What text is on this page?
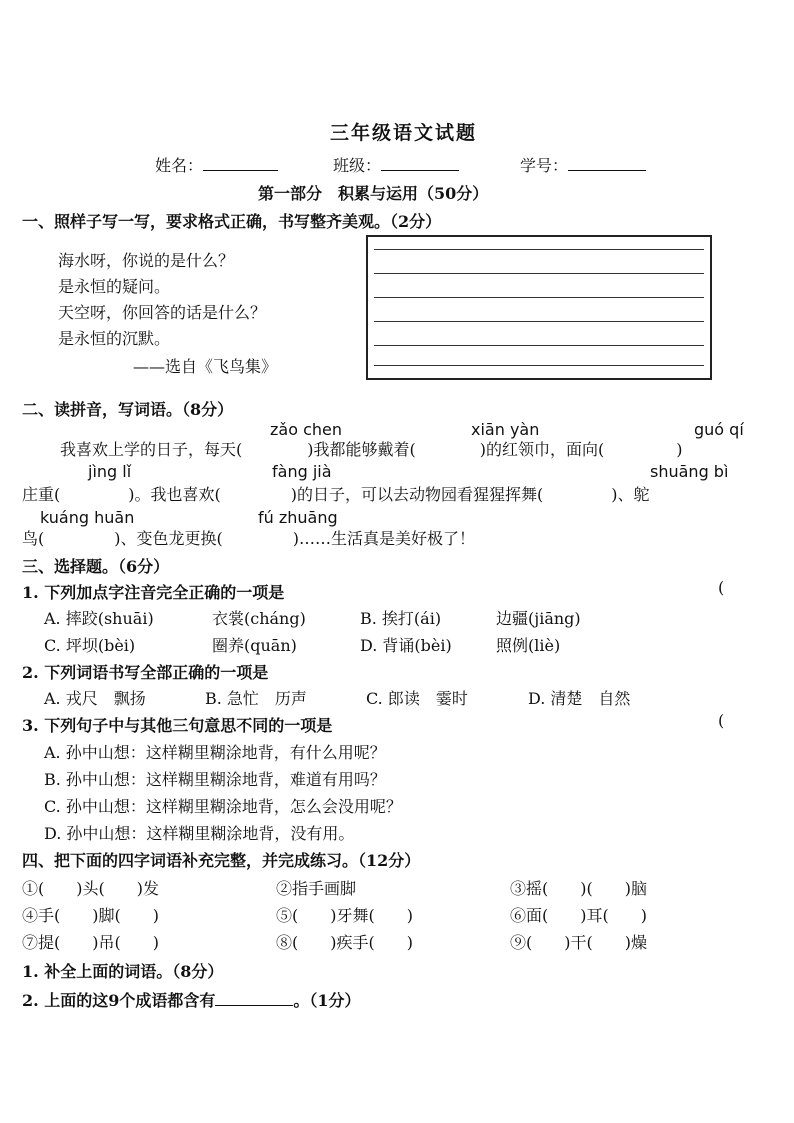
三年级语文试题
姓名：	班级：	学号：
第一部分　积累与运用（50分）
一、照样子写一写，要求格式正确，书写整齐美观。（2分）
海水呀，你说的是什么？
是永恒的疑问。
天空呀，你回答的话是什么？
是永恒的沉默。
——选自《飞鸟集》
二、读拼音，写词语。（8分）
zǎo chen	xiān yàn	guó qí
我喜欢上学的日子，每天(	)我都能够戴着(	)的红领巾，面向(	)
jìng lǐ	fàng jià	shuāng bì
庄重(	)。我也喜欢(	)的日子，可以去动物园看猩猩挥舞(	)、鸵
kuáng huān	fú zhuāng
鸟(	)、变色龙更换(	)……生活真是美好极了！
三、选择题。（6分）
1. 下列加点字注音完全正确的一项是	(
A. 摔跤(shuāi)	衣裳(cháng)	B. 挨打(ái)	边疆(jiāng)
C. 坪坝(bèi)	圈养(quān)	D. 背诵(bèi)	照例(liè)
2. 下列词语书写全部正确的一项是
A. 戎尺　飘扬	B. 急忙　历声	C. 郎读　霎时	D. 清楚　自然
3. 下列句子中与其他三句意思不同的一项是	(
A. 孙中山想：这样糊里糊涂地背，有什么用呢？
B. 孙中山想：这样糊里糊涂地背，难道有用吗？
C. 孙中山想：这样糊里糊涂地背，怎么会没用呢？
D. 孙中山想：这样糊里糊涂地背，没有用。
四、把下面的四字词语补充完整，并完成练习。（12分）
①(　　)头(　　)发	②指手画脚	③摇(　　)(　　)脑
④手(　　)脚(　　)	⑤(　　)牙舞(　　)	⑥面(　　)耳(　　)
⑦提(　　)吊(　　)	⑧(　　)疾手(　　)	⑨(　　)干(　　)燥
1. 补全上面的词语。（8分）
2. 上面的这9个成语都含有	。（1分）
